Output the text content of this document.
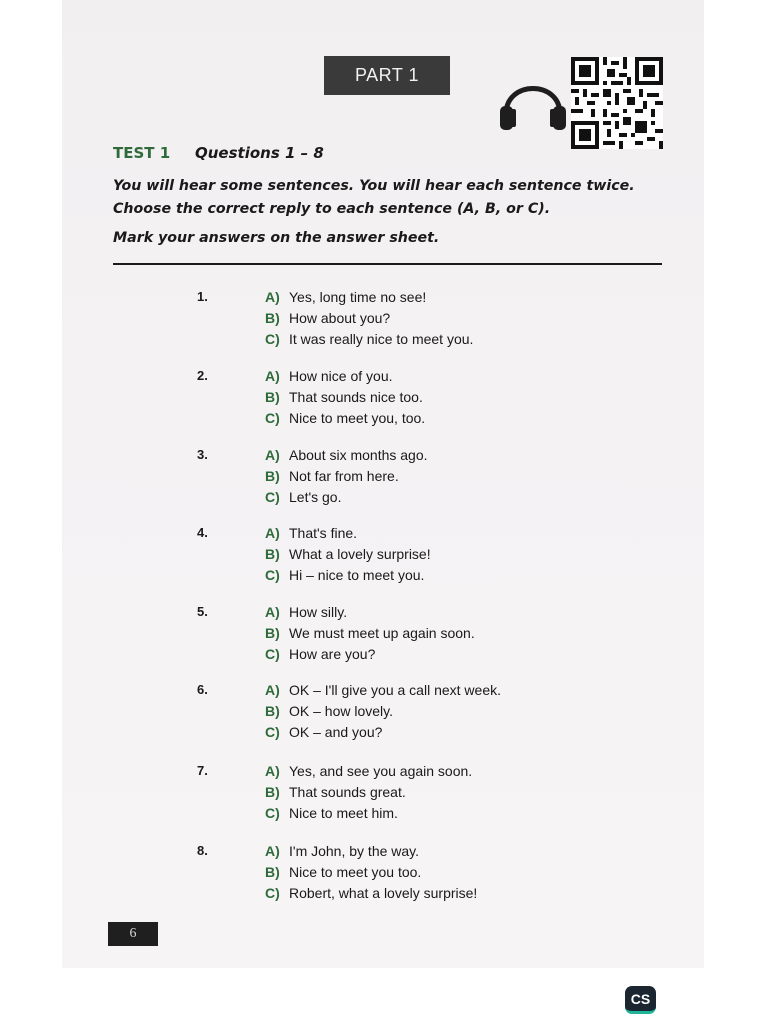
PART 1
TEST 1 Questions 1 – 8

You will hear some sentences. You will hear each sentence twice. Choose the correct reply to each sentence (A, B, or C).

Mark your answers on the answer sheet.

1.	A) Yes, long time no see!
B) How about you?
C) It was really nice to meet you.
2.	A) How nice of you.
B) That sounds nice too.
C) Nice to meet you, too.
3.	A) About six months ago.
B) Not far from here.
C) Let's go.
4.	A) That's fine.
B) What a lovely surprise!
C) Hi – nice to meet you.
5.	A) How silly.
B) We must meet up again soon.
C) How are you?
6.	A) OK – I'll give you a call next week.
B) OK – how lovely.
C) OK – and you?
7.	A) Yes, and see you again soon.
B) That sounds great.
C) Nice to meet him.
8.	A) I'm John, by the way.
B) Nice to meet you too.
C) Robert, what a lovely surprise!
6
CS
